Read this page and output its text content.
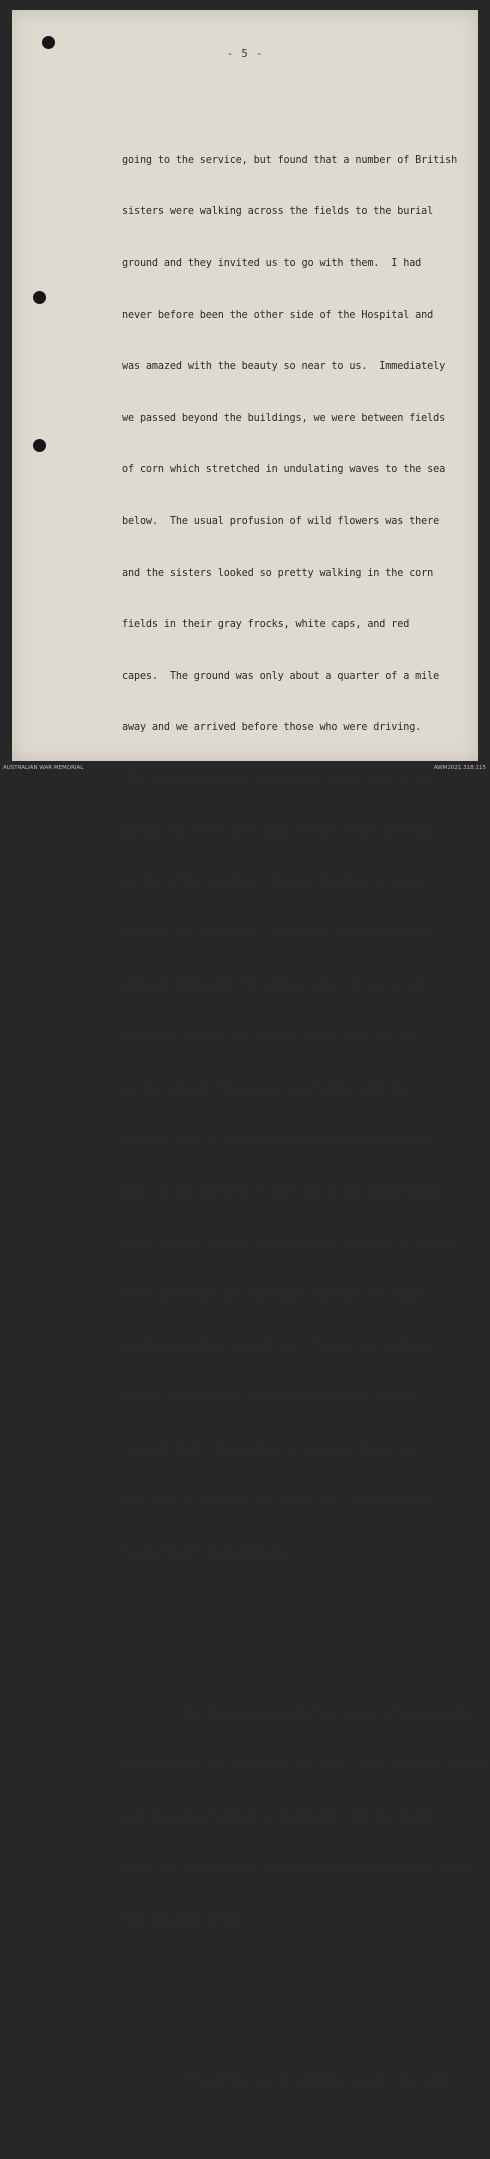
- 5 -

going to the service, but found that a number of British

sisters were walking across the fields to the burial

ground and they invited us to go with them.  I had

never before been the other side of the Hospital and

was amazed with the beauty so near to us.  Immediately

we passed beyond the buildings, we were between fields

of corn which stretched in undulating waves to the sea

below.  The usual profusion of wild flowers was there

and the sisters looked so pretty walking in the corn

fields in their gray frocks, white caps, and red

capes.  The ground was only about a quarter of a mile

away and we arrived before those who were driving.

The firing party was lined up on either side of the

pathway and there were about a score of men in khaki

in the little cemetery.  We were directed to stand

behind a row of crosses immediately beside the grave

and were there when the others came.  It was a most

beautiful spot on the side of a hill with the sea

on one side and the waving corn fields round it.

With its rows of little crosses and the everlasting

hills in the distance  I tell you it was a good place

to be laid to rest in, and one would be proud to be left

there with those who had fought and died for their

country on either side of you.  The sun was setting

as the service was finished and the bugle sounded

the Last Post.  I was glad to have been there and

felt that we had left the little one - she was only

in
twenty three -/safe keeping.

One the whole despite the rigours of the climate,

the health of the expedition was good.  Some cases of illness

were evacuated to Egypt or Australia, and one,Sister

died, and was buried in the new cemetry at Kalamaria, with

full military honours.

The winter was exceedingly severe; the wind

AUSTRALIAN WAR MEMORIAL	AWM2021.318.115
